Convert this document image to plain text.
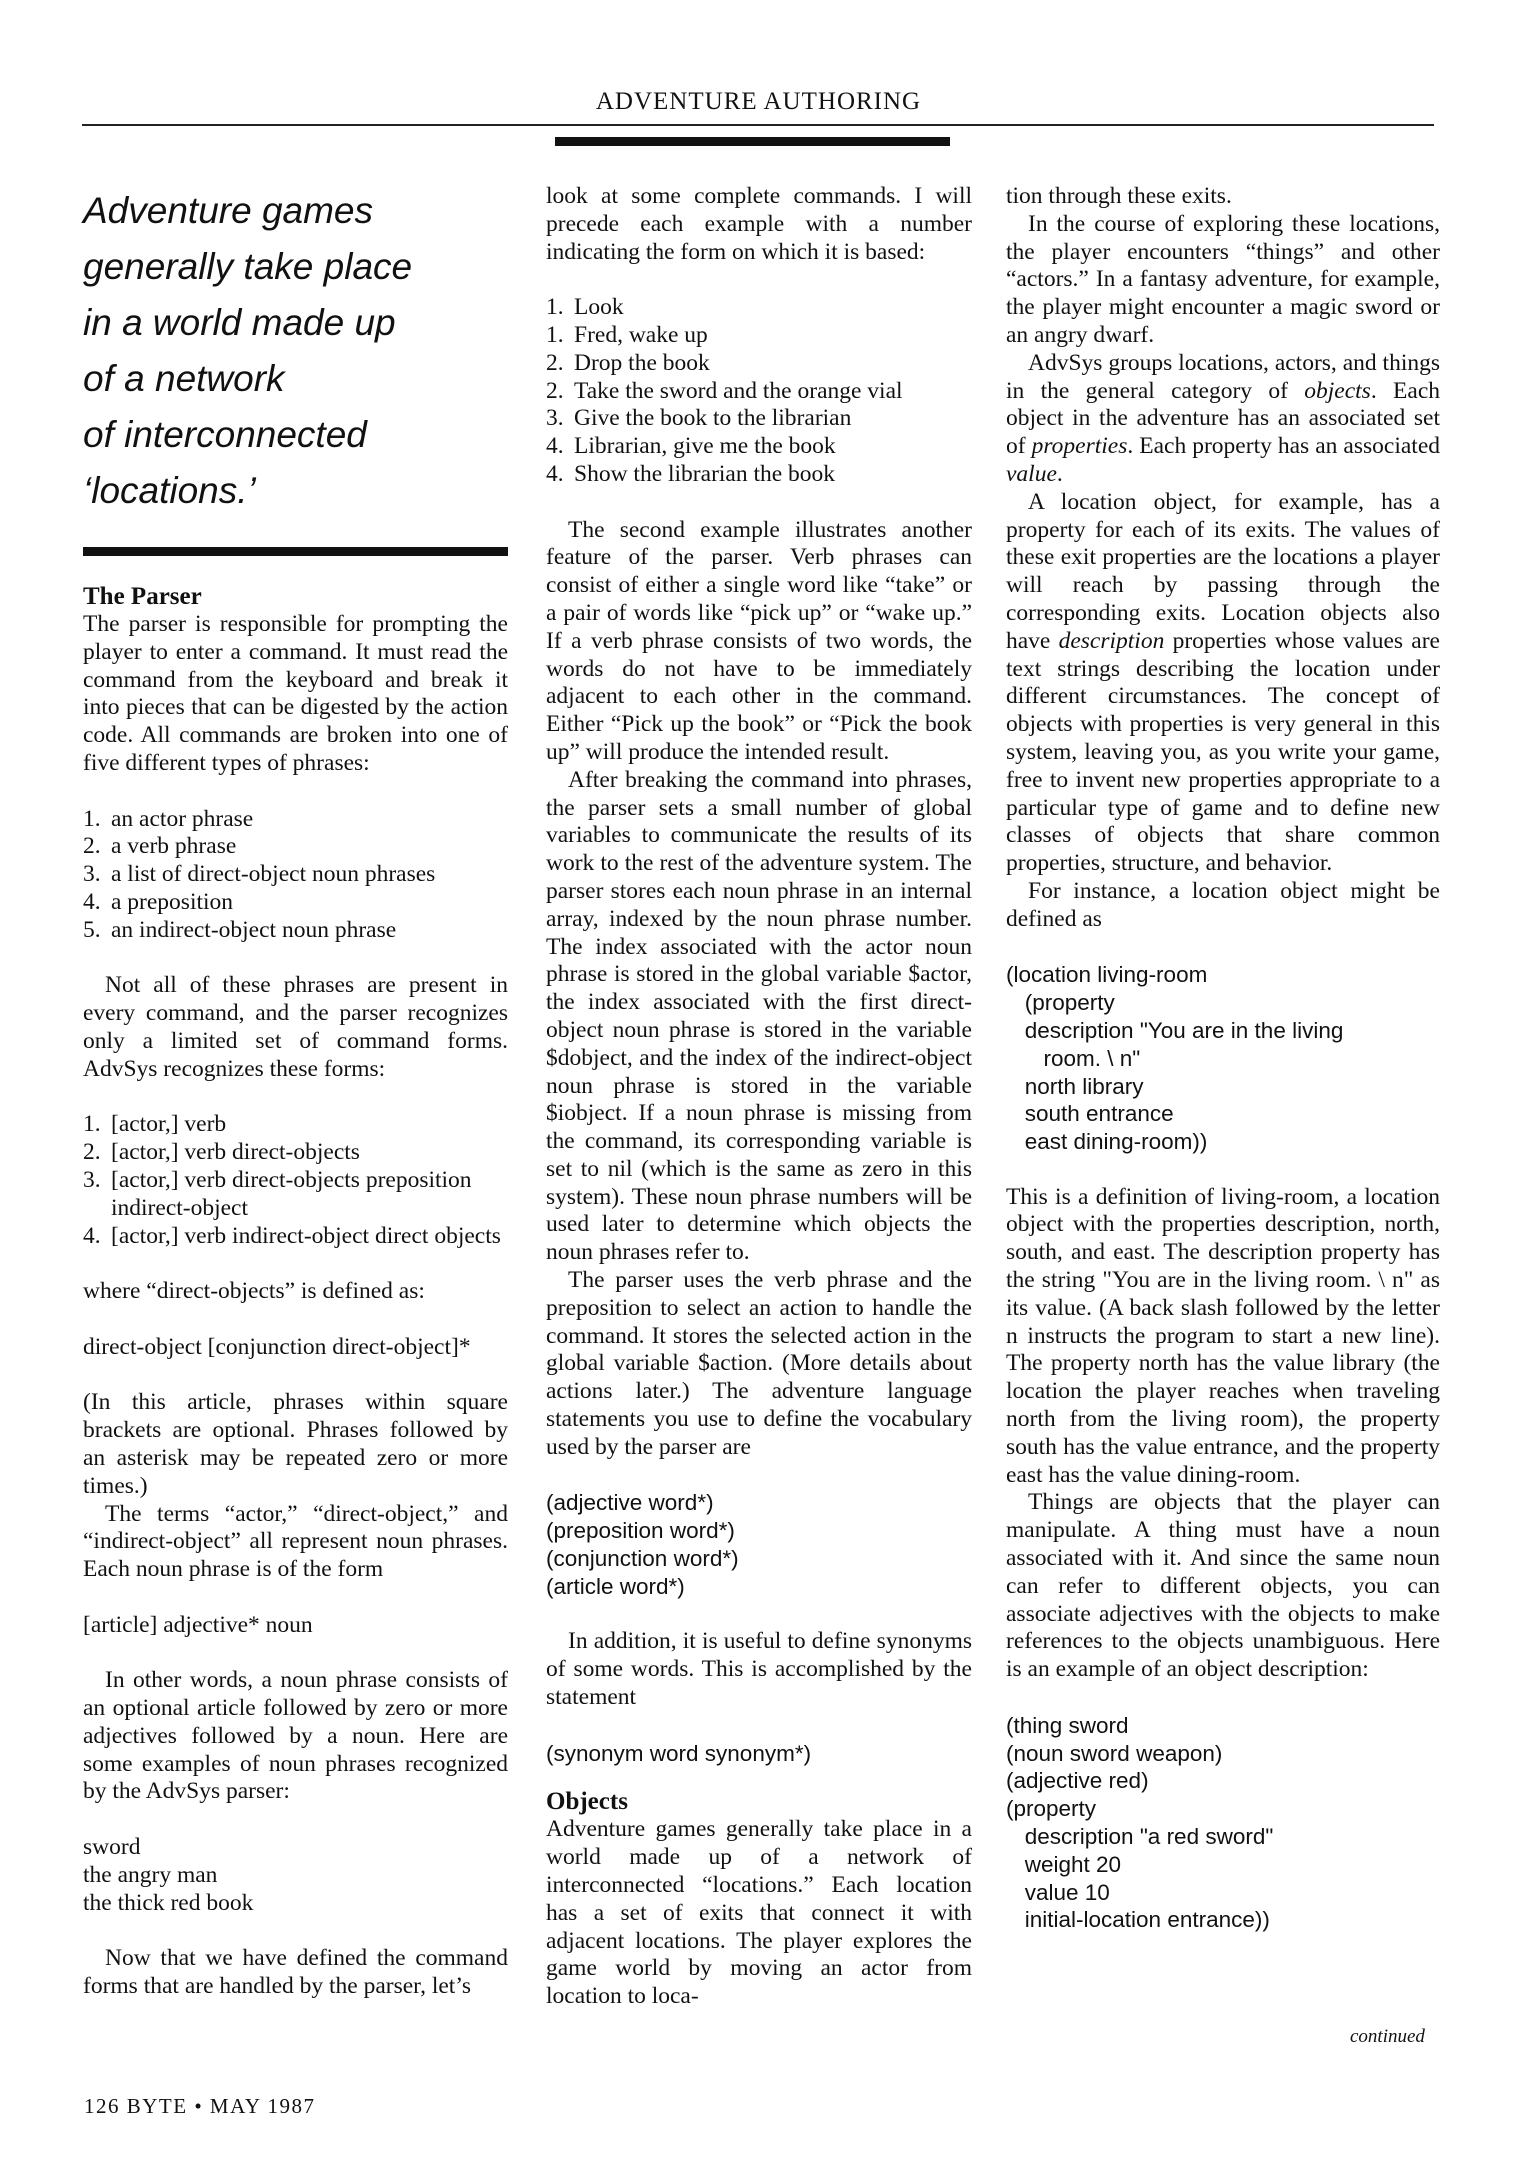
ADVENTURE AUTHORING
Adventure games
generally take place
in a world made up
of a network
of interconnected
‘locations.’
The Parser

The parser is responsible for prompting the player to enter a command. It must read the command from the keyboard and break it into pieces that can be digested by the action code. All commands are broken into one of five different types of phrases:

1. an actor phrase
2. a verb phrase
3. a list of direct-object noun phrases
4. a preposition
5. an indirect-object noun phrase

Not all of these phrases are present in every command, and the parser recognizes only a limited set of command forms. AdvSys recognizes these forms:

1. [actor,] verb
2. [actor,] verb direct-objects
3. [actor,] verb direct-objects preposition indirect-object
4. [actor,] verb indirect-object direct objects

where “direct-objects” is defined as:

direct-object [conjunction direct-object]*

(In this article, phrases within square brackets are optional. Phrases followed by an asterisk may be repeated zero or more times.)

The terms “actor,” “direct-object,” and “indirect-object” all represent noun phrases. Each noun phrase is of the form

[article] adjective* noun

In other words, a noun phrase consists of an optional article followed by zero or more adjectives followed by a noun. Here are some examples of noun phrases recognized by the AdvSys parser:

sword
the angry man
the thick red book

Now that we have defined the command forms that are handled by the parser, let’s

look at some complete commands. I will precede each example with a number indicating the form on which it is based:

1. Look
1. Fred, wake up
2. Drop the book
2. Take the sword and the orange vial
3. Give the book to the librarian
4. Librarian, give me the book
4. Show the librarian the book

The second example illustrates another feature of the parser. Verb phrases can consist of either a single word like “take” or a pair of words like “pick up” or “wake up.” If a verb phrase consists of two words, the words do not have to be immediately adjacent to each other in the command. Either “Pick up the book” or “Pick the book up” will produce the intended result.

After breaking the command into phrases, the parser sets a small number of global variables to communicate the results of its work to the rest of the adventure system. The parser stores each noun phrase in an internal array, indexed by the noun phrase number. The index associated with the actor noun phrase is stored in the global variable $actor, the index associated with the first direct-object noun phrase is stored in the variable $dobject, and the index of the indirect-object noun phrase is stored in the variable $iobject. If a noun phrase is missing from the command, its corresponding variable is set to nil (which is the same as zero in this system). These noun phrase numbers will be used later to determine which objects the noun phrases refer to.

The parser uses the verb phrase and the preposition to select an action to handle the command. It stores the selected action in the global variable $action. (More details about actions later.) The adventure language statements you use to define the vocabulary used by the parser are

(adjective word*)
(preposition word*)
(conjunction word*)
(article word*)

In addition, it is useful to define synonyms of some words. This is accomplished by the statement

(synonym word synonym*)
Objects

Adventure games generally take place in a world made up of a network of interconnected “locations.” Each location has a set of exits that connect it with adjacent locations. The player explores the game world by moving an actor from location to loca-

tion through these exits.

In the course of exploring these locations, the player encounters “things” and other “actors.” In a fantasy adventure, for example, the player might encounter a magic sword or an angry dwarf.

AdvSys groups locations, actors, and things in the general category of objects. Each object in the adventure has an associated set of properties. Each property has an associated value.

A location object, for example, has a property for each of its exits. The values of these exit properties are the locations a player will reach by passing through the corresponding exits. Location objects also have description properties whose values are text strings describing the location under different circumstances. The concept of objects with properties is very general in this system, leaving you, as you write your game, free to invent new properties appropriate to a particular type of game and to define new classes of objects that share common properties, structure, and behavior.

For instance, a location object might be defined as

(location living-room
(property
description "You are in the living
room. \ n"
north library
south entrance
east dining-room))

This is a definition of living-room, a location object with the properties description, north, south, and east. The description property has the string "You are in the living room. \ n" as its value. (A back slash followed by the letter n instructs the program to start a new line). The property north has the value library (the location the player reaches when traveling north from the living room), the property south has the value entrance, and the property east has the value dining-room.

Things are objects that the player can manipulate. A thing must have a noun associated with it. And since the same noun can refer to different objects, you can associate adjectives with the objects to make references to the objects unambiguous. Here is an example of an object description:

(thing sword
(noun sword weapon)
(adjective red)
(property
description "a red sword"
weight 20
value 10
initial-location entrance))
continued
126 BYTE • MAY 1987
